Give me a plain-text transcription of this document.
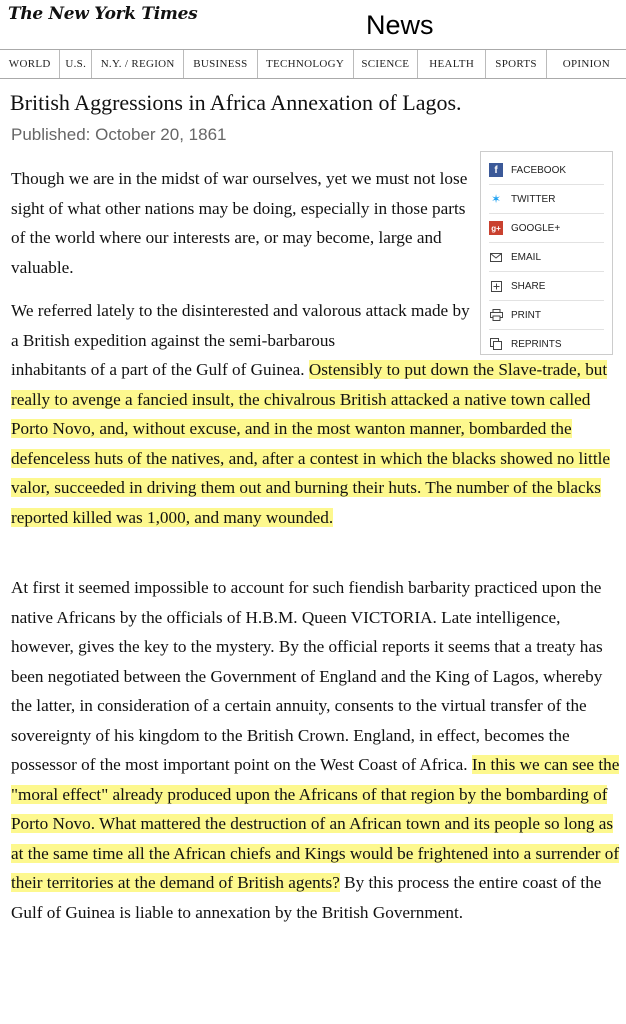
The New York Times	News
WORLD	U.S.	N.Y. / REGION	BUSINESS	TECHNOLOGY	SCIENCE	HEALTH	SPORTS	OPINION
British Aggressions in Africa Annexation of Lagos.
Published: October 20, 1861
f	FACEBOOK
✶ TWITTER
g+ GOOGLE+
EMAIL
SHARE
PRINT
REPRINTS

Though we are in the midst of war ourselves, yet we must not lose sight of what other nations may be doing, especially in those parts of the world where our interests are, or may become, large and valuable.

We referred lately to the disinterested and valorous attack made by a British expedition against the semi-barbarous

inhabitants of a part of the Gulf of Guinea. Ostensibly to put down the Slave-trade, but really to avenge a fancied insult, the chivalrous British attacked a native town called Porto Novo, and, without excuse, and in the most wanton manner, bombarded the defenceless huts of the natives, and, after a contest in which the blacks showed no little valor, succeeded in driving them out and burning their huts. The number of the blacks reported killed was 1,000, and many wounded.

At first it seemed impossible to account for such fiendish barbarity practiced upon the native Africans by the officials of H.B.M. Queen VICTORIA. Late intelligence, however, gives the key to the mystery. By the official reports it seems that a treaty has been negotiated between the Government of England and the King of Lagos, whereby the latter, in consideration of a certain annuity, consents to the virtual transfer of the sovereignty of his kingdom to the British Crown. England, in effect, becomes the possessor of the most important point on the West Coast of Africa. In this we can see the "moral effect" already produced upon the Africans of that region by the bombarding of Porto Novo. What mattered the destruction of an African town and its people so long as at the same time all the African chiefs and Kings would be frightened into a surrender of their territories at the demand of British agents? By this process the entire coast of the Gulf of Guinea is liable to annexation by the British Government.
